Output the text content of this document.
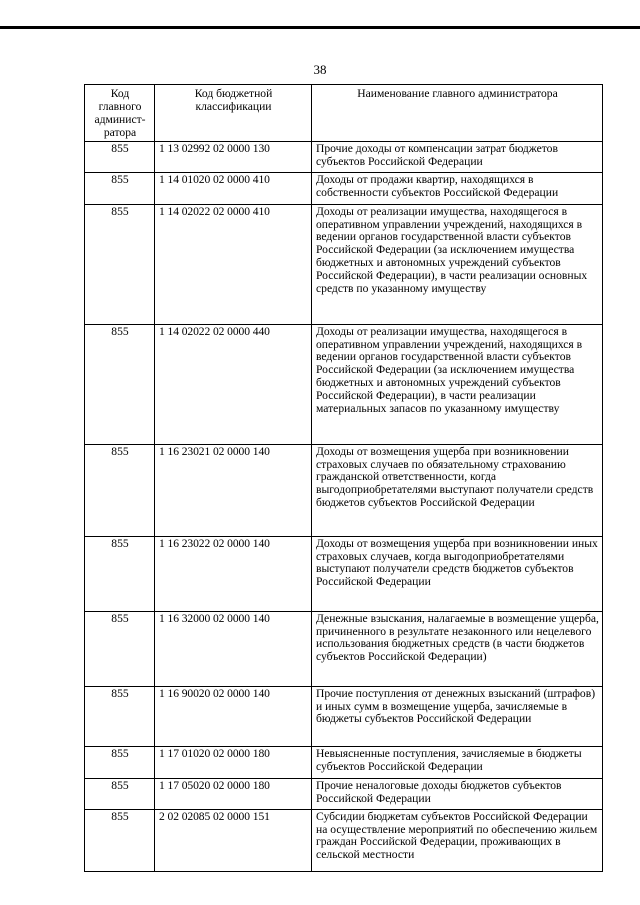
38
Код главного админист-ратора	Код бюджетной классификации	Наименование главного администратора
855	1 13 02992 02 0000 130	Прочие доходы от компенсации затрат бюджетов субъектов Российской Федерации
855	1 14 01020 02 0000 410	Доходы от продажи квартир, находящихся в собственности субъектов Российской Федерации
855	1 14 02022 02 0000 410	Доходы от реализации имущества, находящегося в оперативном управлении учреждений, находящихся в ведении органов государственной власти субъектов Российской Федерации (за исключением имущества бюджетных и автономных учреждений субъектов Российской Федерации), в части реализации основных средств по указанному имуществу
855	1 14 02022 02 0000 440	Доходы от реализации имущества, находящегося в оперативном управлении учреждений, находящихся в ведении органов государственной власти субъектов Российской Федерации (за исключением имущества бюджетных и автономных учреждений субъектов Российской Федерации), в части реализации материальных запасов по указанному имуществу
855	1 16 23021 02 0000 140	Доходы от возмещения ущерба при возникновении страховых случаев по обязательному страхованию гражданской ответственности, когда выгодоприобретателями выступают получатели средств бюджетов субъектов Российской Федерации
855	1 16 23022 02 0000 140	Доходы от возмещения ущерба при возникновении иных страховых случаев, когда выгодоприобретателями выступают получатели средств бюджетов субъектов Российской Федерации
855	1 16 32000 02 0000 140	Денежные взыскания, налагаемые в возмещение ущерба, причиненного в результате незаконного или нецелевого использования бюджетных средств (в части бюджетов субъектов Российской Федерации)
855	1 16 90020 02 0000 140	Прочие поступления от денежных взысканий (штрафов) и иных сумм в возмещение ущерба, зачисляемые в бюджеты субъектов Российской Федерации
855	1 17 01020 02 0000 180	Невыясненные поступления, зачисляемые в бюджеты субъектов Российской Федерации
855	1 17 05020 02 0000 180	Прочие неналоговые доходы бюджетов субъектов Российской Федерации
855	2 02 02085 02 0000 151	Субсидии бюджетам субъектов Российской Федерации на осуществление мероприятий по обеспечению жильем граждан Российской Федерации, проживающих в сельской местности
